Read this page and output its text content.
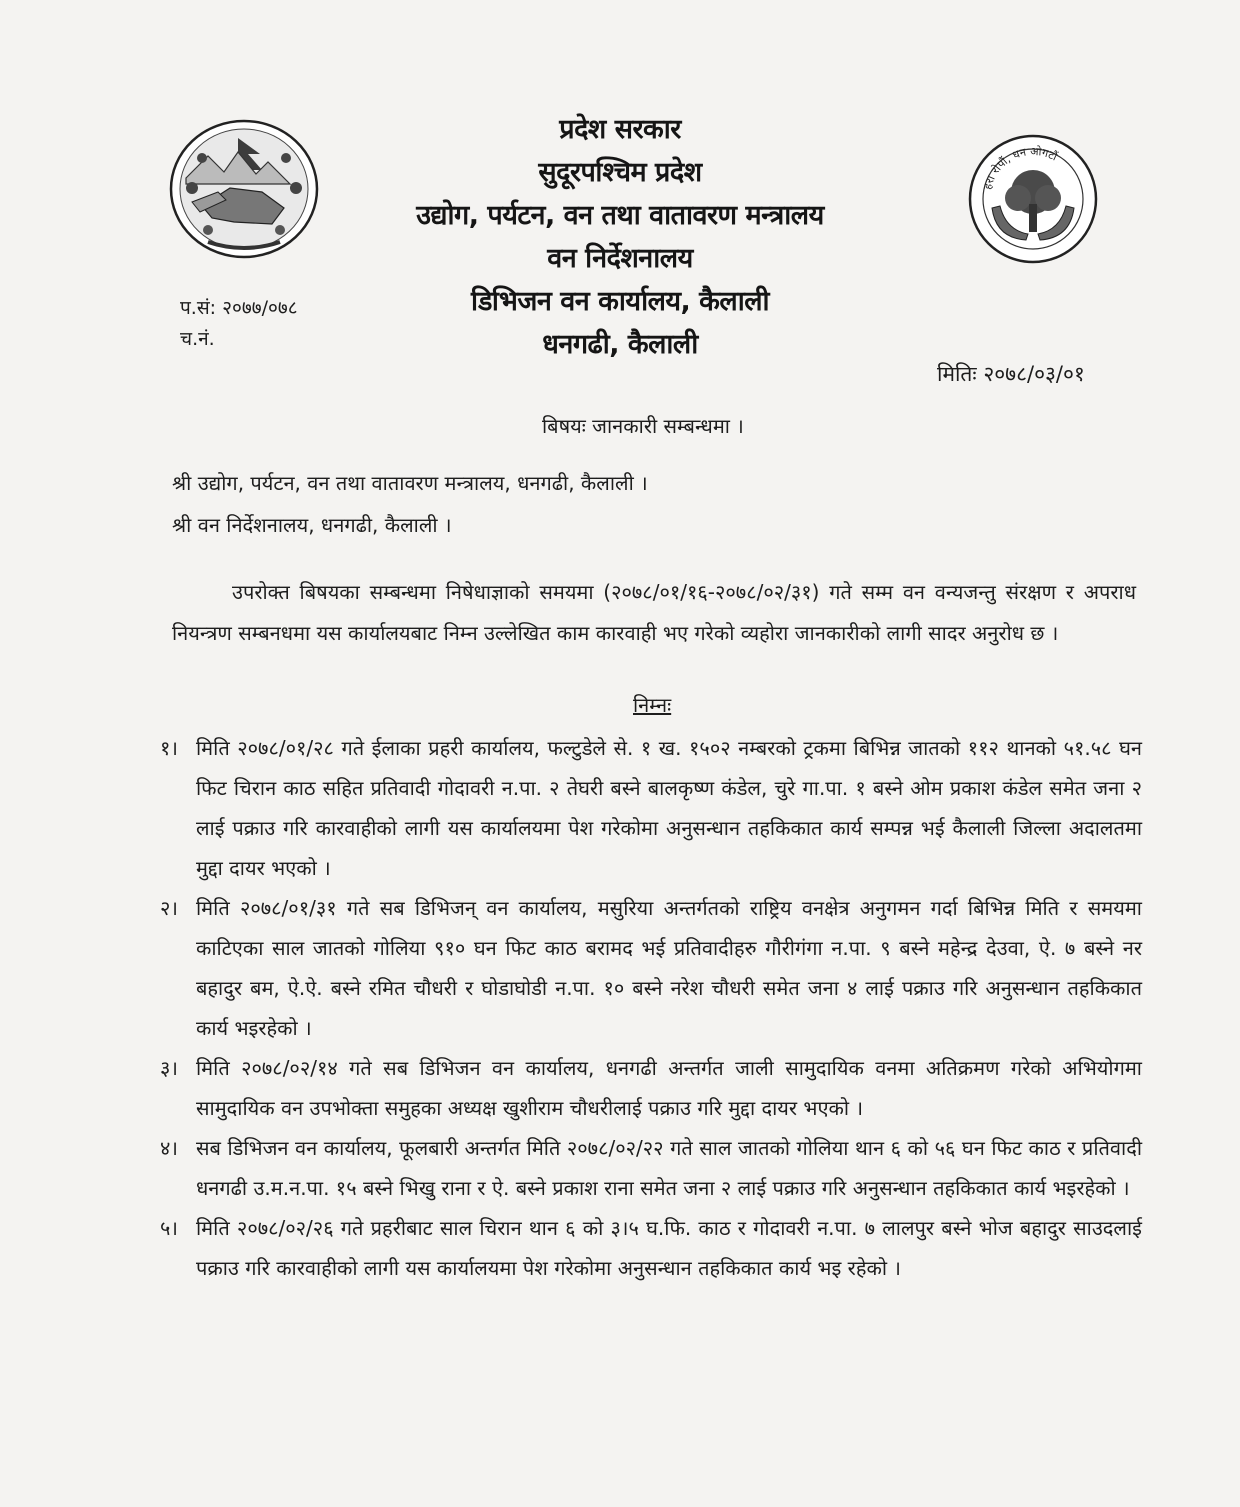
हरा रोपौं, धन ओगटौं
प्रदेश सरकार
सुदूरपश्चिम प्रदेश
उद्योग, पर्यटन, वन तथा वातावरण मन्त्रालय
वन निर्देशनालय
डिभिजन वन कार्यालय, कैलाली
धनगढी, कैलाली
प.सं: २०७७/०७८
च.नं.
मितिः २०७८/०३/०१
बिषयः जानकारी सम्बन्धमा ।
श्री उद्योग, पर्यटन, वन तथा वातावरण मन्त्रालय, धनगढी, कैलाली ।
श्री वन निर्देशनालय, धनगढी, कैलाली ।
उपरोक्त बिषयका सम्बन्धमा निषेधाज्ञाको समयमा (२०७८/०१/१६-२०७८/०२/३१) गते सम्म वन वन्यजन्तु संरक्षण र अपराध नियन्त्रण सम्बनधमा यस कार्यालयबाट निम्न उल्लेखित काम कारवाही भए गरेको व्यहोरा जानकारीको लागी सादर अनुरोध छ ।
निम्नः
१। मिति २०७८/०१/२८ गते ईलाका प्रहरी कार्यालय, फल्टुडेले से. १ ख. १५०२ नम्बरको ट्रकमा बिभिन्न जातको ११२ थानको ५१.५८ घन फिट चिरान काठ सहित प्रतिवादी गोदावरी न.पा. २ तेघरी बस्ने बालकृष्ण कंडेल, चुरे गा.पा. १ बस्ने ओम प्रकाश कंडेल समेत जना २ लाई पक्राउ गरि कारवाहीको लागी यस कार्यालयमा पेश गरेकोमा अनुसन्धान तहकिकात कार्य सम्पन्न भई कैलाली जिल्ला अदालतमा मुद्दा दायर भएको ।
२। मिति २०७८/०१/३१ गते सब डिभिजन् वन कार्यालय, मसुरिया अन्तर्गतको राष्ट्रिय वनक्षेत्र अनुगमन गर्दा बिभिन्न मिति र समयमा काटिएका साल जातको गोलिया ९१० घन फिट काठ बरामद भई प्रतिवादीहरु गौरीगंगा न.पा. ९ बस्ने महेन्द्र देउवा, ऐ. ७ बस्ने नर बहादुर बम, ऐ.ऐ. बस्ने रमित चौधरी र घोडाघोडी न.पा. १० बस्ने नरेश चौधरी समेत जना ४ लाई पक्राउ गरि अनुसन्धान तहकिकात कार्य भइरहेको ।
३। मिति २०७८/०२/१४ गते सब डिभिजन वन कार्यालय, धनगढी अन्तर्गत जाली सामुदायिक वनमा अतिक्रमण गरेको अभियोगमा सामुदायिक वन उपभोक्ता समुहका अध्यक्ष खुशीराम चौधरीलाई पक्राउ गरि मुद्दा दायर भएको ।
४। सब डिभिजन वन कार्यालय, फूलबारी अन्तर्गत मिति २०७८/०२/२२ गते साल जातको गोलिया थान ६ को ५६ घन फिट काठ र प्रतिवादी धनगढी उ.म.न.पा. १५ बस्ने भिखु राना र ऐ. बस्ने प्रकाश राना समेत जना २ लाई पक्राउ गरि अनुसन्धान तहकिकात कार्य भइरहेको ।
५। मिति २०७८/०२/२६ गते प्रहरीबाट साल चिरान थान ६ को ३।५ घ.फि. काठ र गोदावरी न.पा. ७ लालपुर बस्ने भोज बहादुर साउदलाई पक्राउ गरि कारवाहीको लागी यस कार्यालयमा पेश गरेकोमा अनुसन्धान तहकिकात कार्य भइ रहेको ।
